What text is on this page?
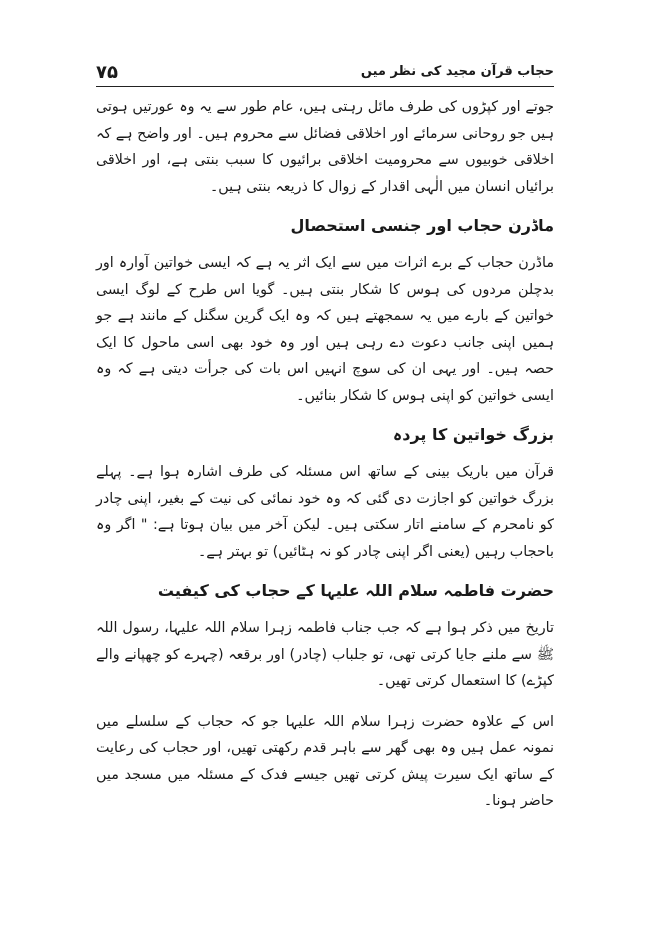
حجاب قرآن مجید کی نظر میں
۷۵

جوتے اور کپڑوں کی طرف مائل رہتی ہیں، عام طور سے یہ وہ عورتیں ہوتی ہیں جو روحانی سرمائے اور اخلاقی فضائل سے محروم ہیں۔ اور واضح ہے کہ اخلاقی خوبیوں سے محرومیت اخلاقی برائیوں کا سبب بنتی ہے، اور اخلاقی برائیاں انسان میں الٰہی اقدار کے زوال کا ذریعہ بنتی ہیں۔

ماڈرن حجاب اور جنسی استحصال

ماڈرن حجاب کے برے اثرات میں سے ایک اثر یہ ہے کہ ایسی خواتین آوارہ اور بدچلن مردوں کی ہوس کا شکار بنتی ہیں۔ گویا اس طرح کے لوگ ایسی خواتین کے بارے میں یہ سمجھتے ہیں کہ وہ ایک گرین سگنل کے مانند ہے جو ہمیں اپنی جانب دعوت دے رہی ہیں اور وہ خود بھی اسی ماحول کا ایک حصہ ہیں۔ اور یہی ان کی سوچ انہیں اس بات کی جرأت دیتی ہے کہ وہ ایسی خواتین کو اپنی ہوس کا شکار بنائیں۔

بزرگ خواتین کا پردہ

قرآن میں باریک بینی کے ساتھ اس مسئلہ کی طرف اشارہ ہوا ہے۔ پہلے بزرگ خواتین کو اجازت دی گئی کہ وہ خود نمائی کی نیت کے بغیر، اپنی چادر کو نامحرم کے سامنے اتار سکتی ہیں۔ لیکن آخر میں بیان ہوتا ہے: " اگر وہ باحجاب رہیں (یعنی اگر اپنی چادر کو نہ ہٹائیں) تو بہتر ہے۔

حضرت فاطمہ سلام اللہ علیہا کے حجاب کی کیفیت

تاریخ میں ذکر ہوا ہے کہ جب جناب فاطمہ زہرا سلام اللہ علیہا، رسول اللہ ﷺ سے ملنے جایا کرتی تھی، تو جلباب (چادر) اور برقعہ (چہرے کو چھپانے والے کپڑے) کا استعمال کرتی تھیں۔

اس کے علاوہ حضرت زہرا سلام اللہ علیہا جو کہ حجاب کے سلسلے میں نمونہ عمل ہیں وہ بھی گھر سے باہر قدم رکھتی تھیں، اور حجاب کی رعایت کے ساتھ ایک سیرت پیش کرتی تھیں جیسے فدک کے مسئلہ میں مسجد میں حاضر ہونا۔
